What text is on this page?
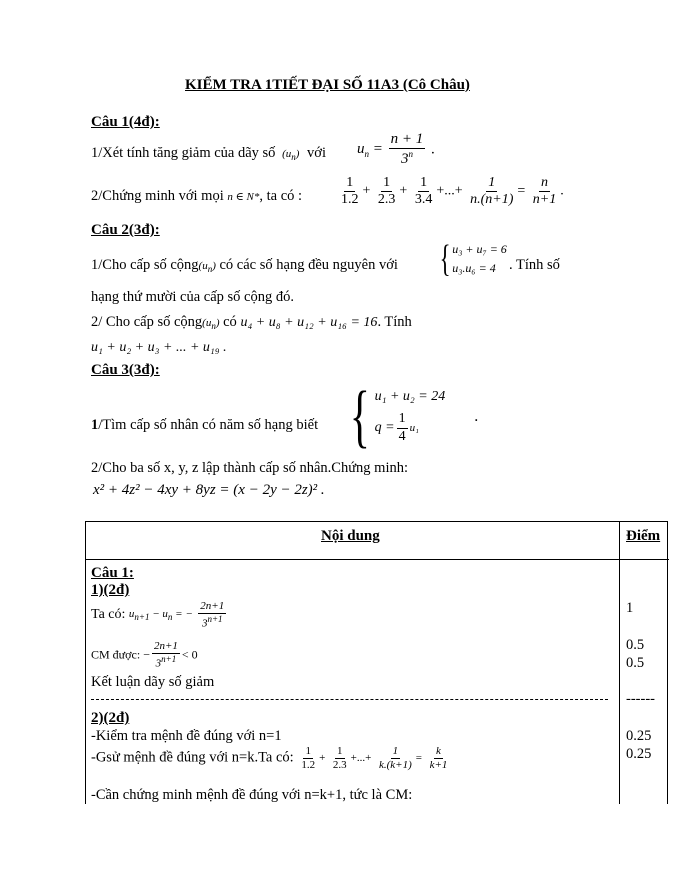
KIỂM TRA 1TIẾT ĐẠI SỐ 11A3 (Cô Châu)
Câu 1(4đ):
1/Xét tính tăng giảm của dãy số $(u_n)$ với $u_n = \frac{n + 1}{3^n}$ .
2/Chứng minh với mọi n ∈ N*, ta có :	$\frac{1}{1.2} + \frac{1}{2.3} + \frac{1}{3.4}$ +...+ $\frac{1}{n.(n+1)} = \frac{n}{n+1}$ .
Câu 2(3đ):
1/Cho cấp số $cộng(u_n)$ có các số hạng đều nguyên với { u₃ + u₇ = 6
u₃.u₆ = 4 . Tính số
hạng thứ mười của cấp số cộng đó.
2/ Cho cấp số $cộng(u_n)$ có u₄ + u₈ + u₁₂ + u₁₆ = 16. Tính
u₁ + u₂ + u₃ + ... + u₁₉ .
Câu 3(3đ):
1/Tìm cấp số nhân có năm số hạng biết { u₁ + u₂ = 24
$q = \frac{1}{4} u_1$
.
2/Cho ba số x, y, z lập thành cấp số nhân.Chứng minh:
x² + 4z² − 4xy + 8yz = (x − 2y − 2z)² .
Nội dung	Điểm
Câu 1:
1)(2đ)
Ta có: $u_{n+1} - u_n$ = − $\frac{2n+1}{3^{n+1}}$
CM được: − $\frac{2n+1}{3^{n+1}} < 0$
Kết luận dãy số giảm
2)(2đ)
-Kiểm tra mệnh đề đúng với n=1
-Gsử mệnh đề đúng với n=k.Ta có: $\frac{1}{1.2} + \frac{1}{2.3}$ +...+ $\frac{1}{k.(k+1)} = \frac{k}{k+1}$
-Cần chứng minh mệnh đề đúng với n=k+1, tức là CM:
1
0.5
0.5
------
0.25
0.25
